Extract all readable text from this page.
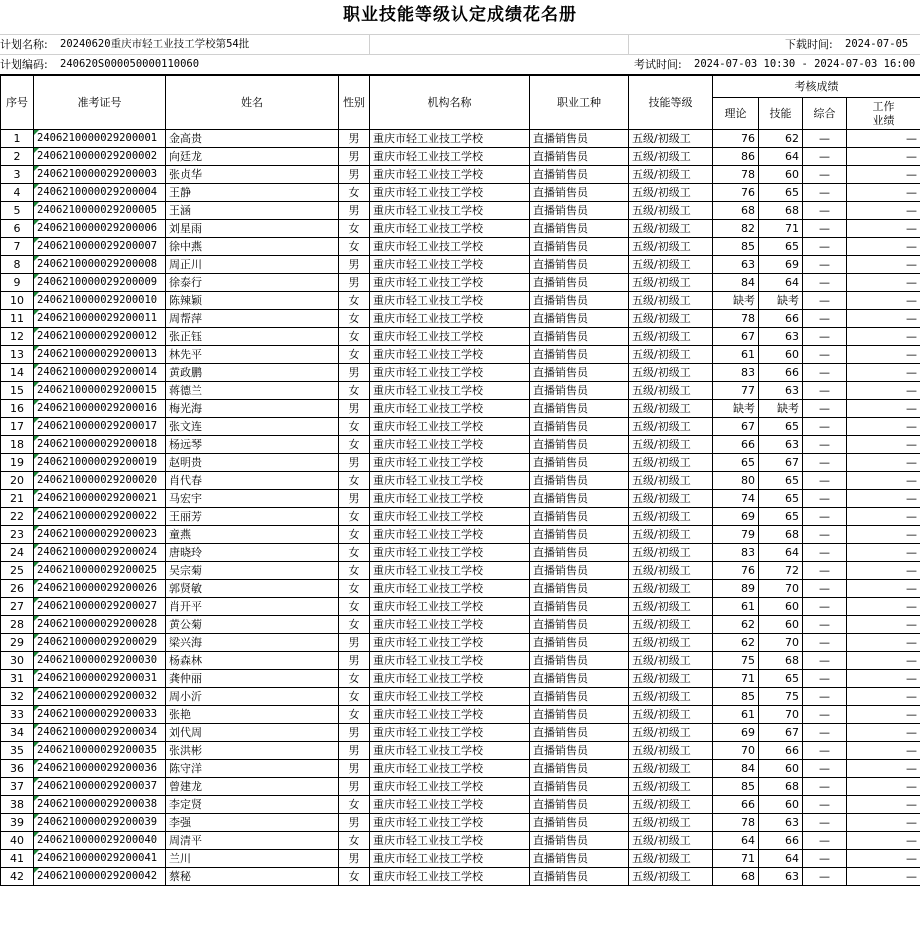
职业技能等级认定成绩花名册
计划名称: 20240620重庆市轻工业技工学校第54批	下载时间: 2024-07-05
计划编码: 240620S000050000110060	考试时间: 2024-07-03 10:30 - 2024-07-03 16:00
序号	准考证号	姓名	性别	机构名称	职业工种	技能等级	考核成绩			
							理论	技能	综合	工作
业绩
1	2406210000029200001	金高贵	男	重庆市轻工业技工学校	直播销售员	五级/初级工	76	62	—	—
2	2406210000029200002	向廷龙	男	重庆市轻工业技工学校	直播销售员	五级/初级工	86	64	—	—
3	2406210000029200003	张贞华	男	重庆市轻工业技工学校	直播销售员	五级/初级工	78	60	—	—
4	2406210000029200004	王静	女	重庆市轻工业技工学校	直播销售员	五级/初级工	76	65	—	—
5	2406210000029200005	王涵	男	重庆市轻工业技工学校	直播销售员	五级/初级工	68	68	—	—
6	2406210000029200006	刘星雨	女	重庆市轻工业技工学校	直播销售员	五级/初级工	82	71	—	—
7	2406210000029200007	徐中燕	女	重庆市轻工业技工学校	直播销售员	五级/初级工	85	65	—	—
8	2406210000029200008	周正川	男	重庆市轻工业技工学校	直播销售员	五级/初级工	63	69	—	—
9	2406210000029200009	徐泰行	男	重庆市轻工业技工学校	直播销售员	五级/初级工	84	64	—	—
10	2406210000029200010	陈辣颖	女	重庆市轻工业技工学校	直播销售员	五级/初级工	缺考	缺考	—	—
11	2406210000029200011	周帮萍	女	重庆市轻工业技工学校	直播销售员	五级/初级工	78	66	—	—
12	2406210000029200012	张正钰	女	重庆市轻工业技工学校	直播销售员	五级/初级工	67	63	—	—
13	2406210000029200013	林先平	女	重庆市轻工业技工学校	直播销售员	五级/初级工	61	60	—	—
14	2406210000029200014	黄政鹏	男	重庆市轻工业技工学校	直播销售员	五级/初级工	83	66	—	—
15	2406210000029200015	蒋德兰	女	重庆市轻工业技工学校	直播销售员	五级/初级工	77	63	—	—
16	2406210000029200016	梅光海	男	重庆市轻工业技工学校	直播销售员	五级/初级工	缺考	缺考	—	—
17	2406210000029200017	张文连	女	重庆市轻工业技工学校	直播销售员	五级/初级工	67	65	—	—
18	2406210000029200018	杨远琴	女	重庆市轻工业技工学校	直播销售员	五级/初级工	66	63	—	—
19	2406210000029200019	赵明贵	男	重庆市轻工业技工学校	直播销售员	五级/初级工	65	67	—	—
20	2406210000029200020	肖代春	女	重庆市轻工业技工学校	直播销售员	五级/初级工	80	65	—	—
21	2406210000029200021	马宏宇	男	重庆市轻工业技工学校	直播销售员	五级/初级工	74	65	—	—
22	2406210000029200022	王丽芳	女	重庆市轻工业技工学校	直播销售员	五级/初级工	69	65	—	—
23	2406210000029200023	童燕	女	重庆市轻工业技工学校	直播销售员	五级/初级工	79	68	—	—
24	2406210000029200024	唐晓玲	女	重庆市轻工业技工学校	直播销售员	五级/初级工	83	64	—	—
25	2406210000029200025	吴宗菊	女	重庆市轻工业技工学校	直播销售员	五级/初级工	76	72	—	—
26	2406210000029200026	郭贤敏	女	重庆市轻工业技工学校	直播销售员	五级/初级工	89	70	—	—
27	2406210000029200027	肖开平	女	重庆市轻工业技工学校	直播销售员	五级/初级工	61	60	—	—
28	2406210000029200028	黄公菊	女	重庆市轻工业技工学校	直播销售员	五级/初级工	62	60	—	—
29	2406210000029200029	梁兴海	男	重庆市轻工业技工学校	直播销售员	五级/初级工	62	70	—	—
30	2406210000029200030	杨森林	男	重庆市轻工业技工学校	直播销售员	五级/初级工	75	68	—	—
31	2406210000029200031	龚仲丽	女	重庆市轻工业技工学校	直播销售员	五级/初级工	71	65	—	—
32	2406210000029200032	周小沂	女	重庆市轻工业技工学校	直播销售员	五级/初级工	85	75	—	—
33	2406210000029200033	张艳	女	重庆市轻工业技工学校	直播销售员	五级/初级工	61	70	—	—
34	2406210000029200034	刘代周	男	重庆市轻工业技工学校	直播销售员	五级/初级工	69	67	—	—
35	2406210000029200035	张洪彬	男	重庆市轻工业技工学校	直播销售员	五级/初级工	70	66	—	—
36	2406210000029200036	陈守洋	男	重庆市轻工业技工学校	直播销售员	五级/初级工	84	60	—	—
37	2406210000029200037	曾建龙	男	重庆市轻工业技工学校	直播销售员	五级/初级工	85	68	—	—
38	2406210000029200038	李定贤	女	重庆市轻工业技工学校	直播销售员	五级/初级工	66	60	—	—
39	2406210000029200039	李强	男	重庆市轻工业技工学校	直播销售员	五级/初级工	78	63	—	—
40	2406210000029200040	周清平	女	重庆市轻工业技工学校	直播销售员	五级/初级工	64	66	—	—
41	2406210000029200041	兰川	男	重庆市轻工业技工学校	直播销售员	五级/初级工	71	64	—	—
42	2406210000029200042	蔡秘	女	重庆市轻工业技工学校	直播销售员	五级/初级工	68	63	—	—
